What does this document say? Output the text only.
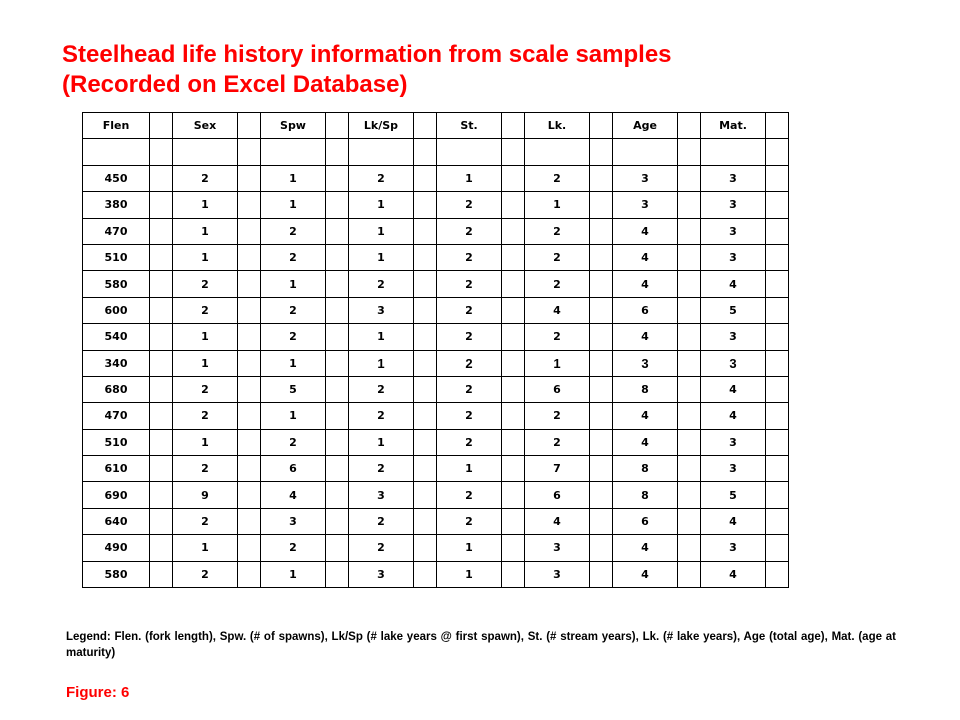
Steelhead life history information from scale samples
(Recorded on Excel Database)
Flen		Sex		Spw		Lk/Sp		St.		Lk.		Age		Mat.	

450		2		1		2		1		2		3		3	
380		1		1		1		2		1		3		3	
470		1		2		1		2		2		4		3	
510		1		2		1		2		2		4		3	
580		2		1		2		2		2		4		4	
600		2		2		3		2		4		6		5	
540		1		2		1		2		2		4		3	
340		1		1		1		2		1		3		3	
680		2		5		2		2		6		8		4	
470		2		1		2		2		2		4		4	
510		1		2		1		2		2		4		3	
610		2		6		2		1		7		8		3	
690		9		4		3		2		6		8		5	
640		2		3		2		2		4		6		4	
490		1		2		2		1		3		4		3	
580		2		1		3		1		3		4		4	
Legend: Flen. (fork length), Spw. (# of spawns), Lk/Sp (# lake years @ first spawn), St. (# stream years), Lk. (# lake years), Age (total age), Mat. (age at maturity)
Figure: 6
